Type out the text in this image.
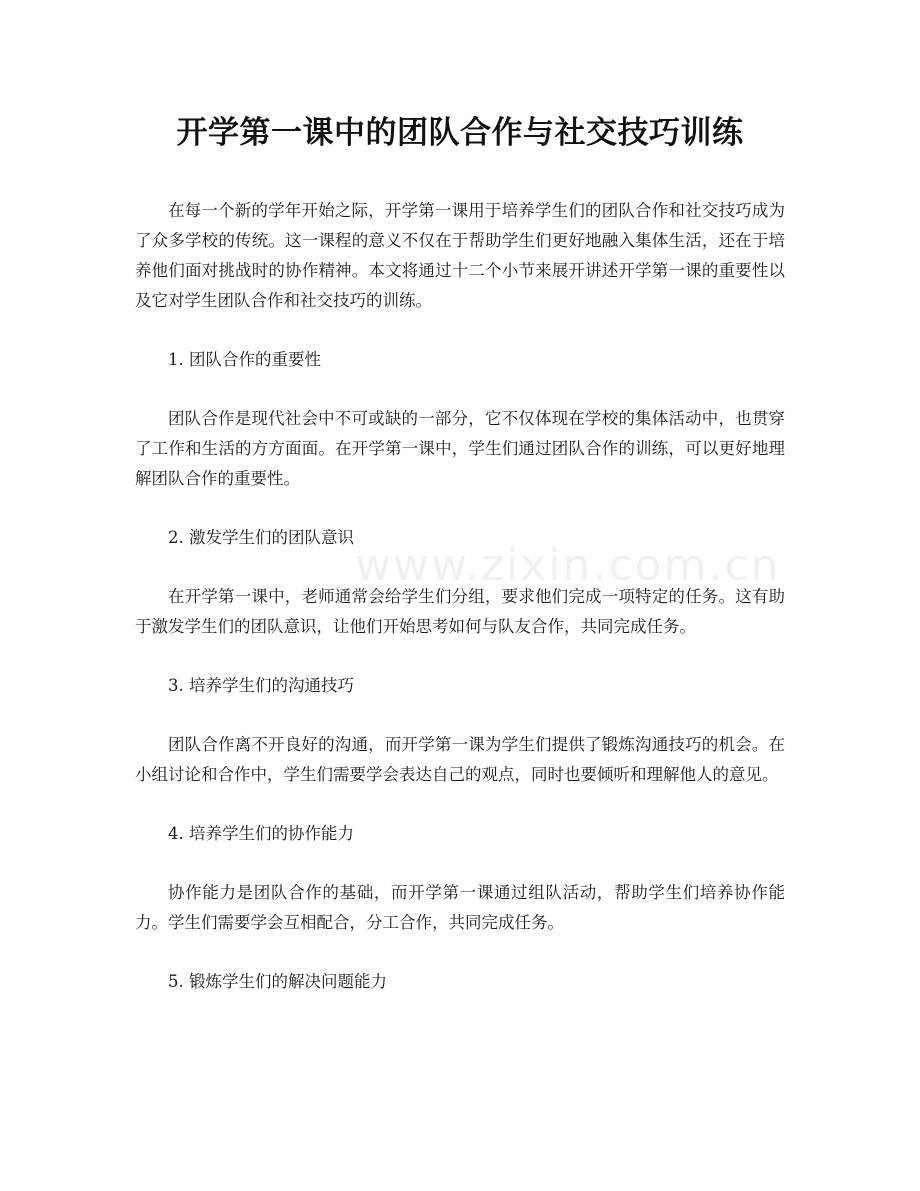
开学第一课中的团队合作与社交技巧训练

在每一个新的学年开始之际，开学第一课用于培养学生们的团队合作和社交技巧成为了众多学校的传统。这一课程的意义不仅在于帮助学生们更好地融入集体生活，还在于培养他们面对挑战时的协作精神。本文将通过十二个小节来展开讲述开学第一课的重要性以及它对学生团队合作和社交技巧的训练。

1. 团队合作的重要性

团队合作是现代社会中不可或缺的一部分，它不仅体现在学校的集体活动中，也贯穿了工作和生活的方方面面。在开学第一课中，学生们通过团队合作的训练，可以更好地理解团队合作的重要性。

2. 激发学生们的团队意识

在开学第一课中，老师通常会给学生们分组，要求他们完成一项特定的任务。这有助于激发学生们的团队意识，让他们开始思考如何与队友合作，共同完成任务。

3. 培养学生们的沟通技巧

团队合作离不开良好的沟通，而开学第一课为学生们提供了锻炼沟通技巧的机会。在小组讨论和合作中，学生们需要学会表达自己的观点，同时也要倾听和理解他人的意见。

4. 培养学生们的协作能力

协作能力是团队合作的基础，而开学第一课通过组队活动，帮助学生们培养协作能力。学生们需要学会互相配合，分工合作，共同完成任务。

5. 锻炼学生们的解决问题能力

www.zixin.com.cn
